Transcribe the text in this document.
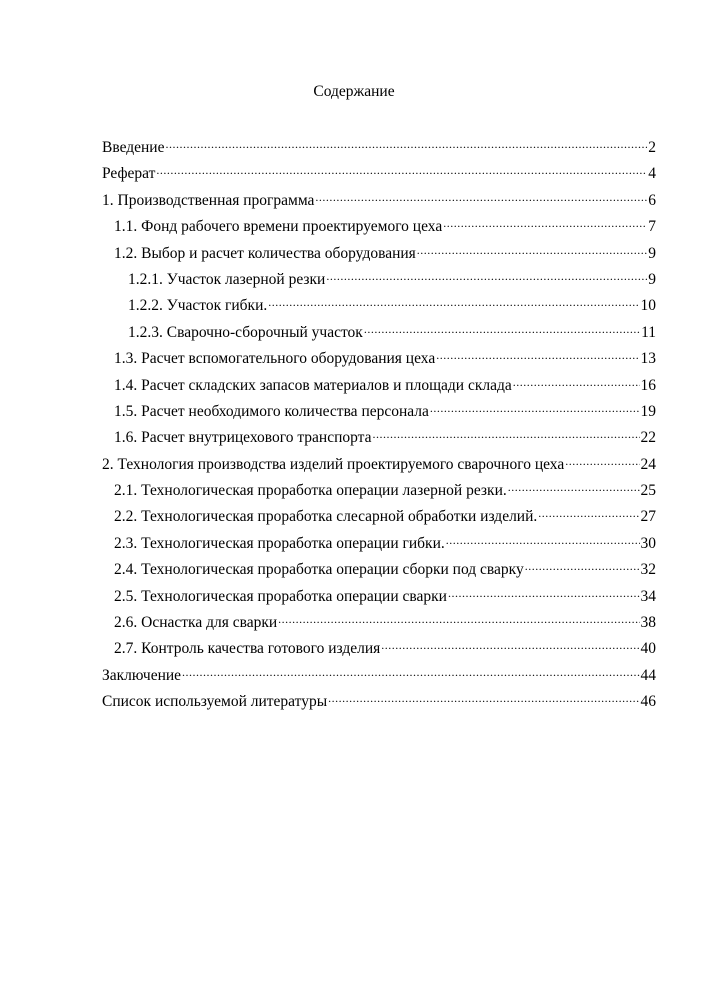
Содержание
Введение .....	2
Реферат .....	4
1. Производственная программа .....	6
1.1. Фонд рабочего времени проектируемого цеха .....	7
1.2. Выбор и расчет количества оборудования .....	9
1.2.1. Участок лазерной резки .....	9
1.2.2. Участок гибки. .....	10
1.2.3. Сварочно-сборочный участок .....	11
1.3. Расчет вспомогательного оборудования цеха .....	13
1.4. Расчет складских запасов материалов и площади склада .....	16
1.5. Расчет необходимого количества персонала .....	19
1.6. Расчет внутрицехового транспорта .....	22
2. Технология производства изделий проектируемого сварочного цеха .....	24
2.1. Технологическая проработка операции лазерной резки. .....	25
2.2. Технологическая проработка слесарной обработки изделий. .....	27
2.3. Технологическая проработка операции гибки. .....	30
2.4. Технологическая проработка операции сборки под сварку .....	32
2.5. Технологическая проработка операции сварки .....	34
2.6. Оснастка для сварки .....	38
2.7. Контроль качества готового изделия .....	40
Заключение .....	44
Список используемой литературы .....	46
